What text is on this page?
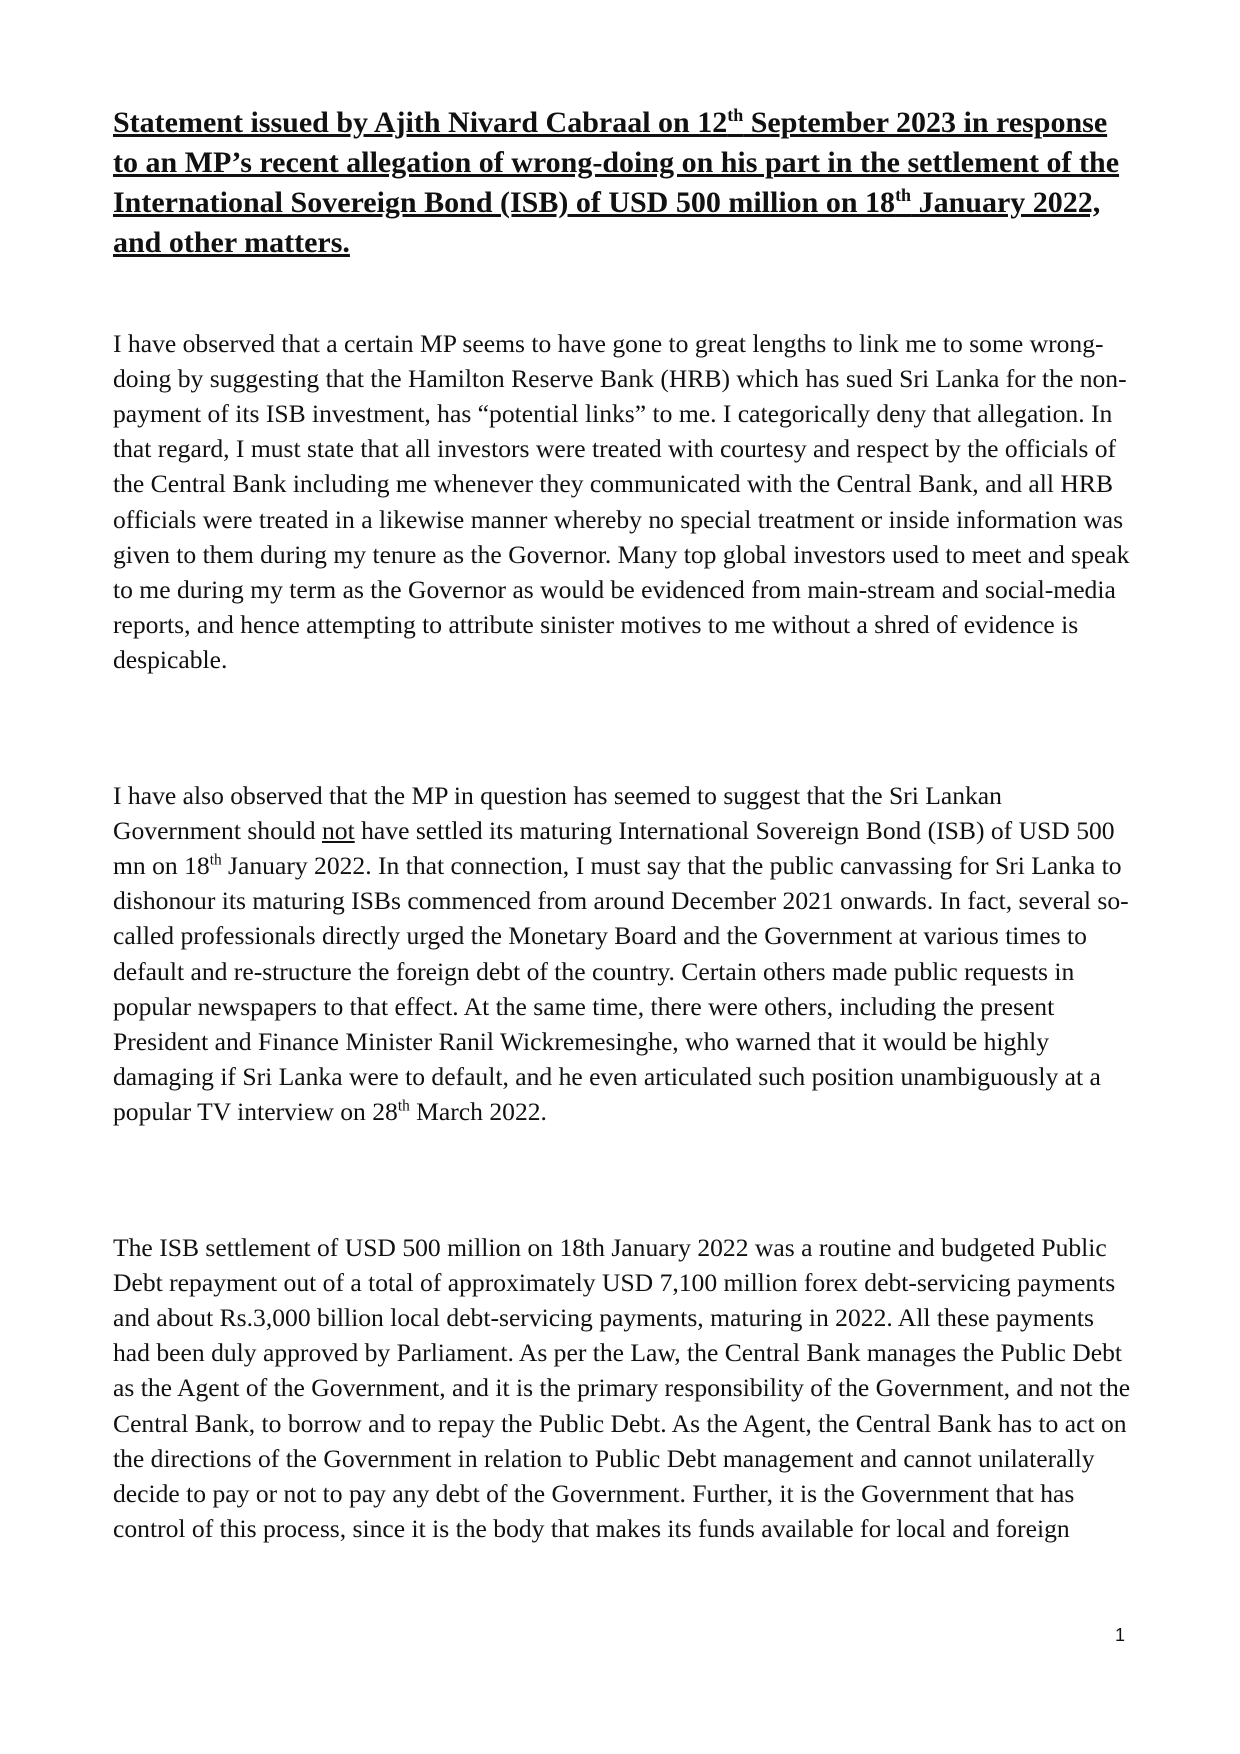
Statement issued by Ajith Nivard Cabraal on 12th September 2023 in response to an MP’s recent allegation of wrong-doing on his part in the settlement of the International Sovereign Bond (ISB) of USD 500 million on 18th January 2022, and other matters.

I have observed that a certain MP seems to have gone to great lengths to link me to some wrong-doing by suggesting that the Hamilton Reserve Bank (HRB) which has sued Sri Lanka for the non-payment of its ISB investment, has “potential links” to me. I categorically deny that allegation. In that regard, I must state that all investors were treated with courtesy and respect by the officials of the Central Bank including me whenever they communicated with the Central Bank, and all HRB officials were treated in a likewise manner whereby no special treatment or inside information was given to them during my tenure as the Governor. Many top global investors used to meet and speak to me during my term as the Governor as would be evidenced from main-stream and social-media reports, and hence attempting to attribute sinister motives to me without a shred of evidence is despicable.

I have also observed that the MP in question has seemed to suggest that the Sri Lankan Government should not have settled its maturing International Sovereign Bond (ISB) of USD 500 mn on 18th January 2022. In that connection, I must say that the public canvassing for Sri Lanka to dishonour its maturing ISBs commenced from around December 2021 onwards. In fact, several so-called professionals directly urged the Monetary Board and the Government at various times to default and re-structure the foreign debt of the country. Certain others made public requests in popular newspapers to that effect. At the same time, there were others, including the present President and Finance Minister Ranil Wickremesinghe, who warned that it would be highly damaging if Sri Lanka were to default, and he even articulated such position unambiguously at a popular TV interview on 28th March 2022.

The ISB settlement of USD 500 million on 18th January 2022 was a routine and budgeted Public Debt repayment out of a total of approximately USD 7,100 million forex debt-servicing payments and about Rs.3,000 billion local debt-servicing payments, maturing in 2022. All these payments had been duly approved by Parliament. As per the Law, the Central Bank manages the Public Debt as the Agent of the Government, and it is the primary responsibility of the Government, and not the Central Bank, to borrow and to repay the Public Debt. As the Agent, the Central Bank has to act on the directions of the Government in relation to Public Debt management and cannot unilaterally decide to pay or not to pay any debt of the Government. Further, it is the Government that has control of this process, since it is the body that makes its funds available for local and foreign

1
